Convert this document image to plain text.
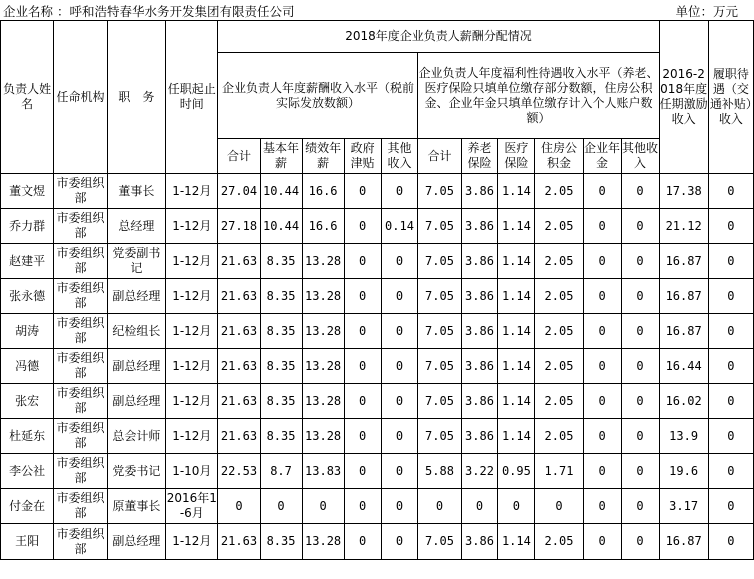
企业名称 ：呼和浩特春华水务开发集团有限责任公司	单位：万元
负责人姓名	任命机构	职　务	任职起止时间	2018年度企业负责人薪酬分配情况											2016-2018年度任期激励收入	履职待遇（交通补贴）收入
				企业负责人年度薪酬收入水平（税前实际发放数额）					企业负责人年度福利性待遇收入水平（养老、医疗保险只填单位缴存部分数额，住房公积金、企业年金只填单位缴存计入个人账户数额）							
				合计	基本年薪	绩效年薪	政府津贴	其他收入	合计	养老保险	医疗保险	住房公积金	企业年金	其他收入		
董文煜	市委组织部	董事长	1-12月	27.04	10.44	16.6	0	0	7.05	3.86	1.14	2.05	0	0	17.38	0
乔力群	市委组织部	总经理	1-12月	27.18	10.44	16.6	0	0.14	7.05	3.86	1.14	2.05	0	0	21.12	0
赵建平	市委组织部	党委副书记	1-12月	21.63	8.35	13.28	0	0	7.05	3.86	1.14	2.05	0	0	16.87	0
张永德	市委组织部	副总经理	1-12月	21.63	8.35	13.28	0	0	7.05	3.86	1.14	2.05	0	0	16.87	0
胡涛	市委组织部	纪检组长	1-12月	21.63	8.35	13.28	0	0	7.05	3.86	1.14	2.05	0	0	16.87	0
冯德	市委组织部	副总经理	1-12月	21.63	8.35	13.28	0	0	7.05	3.86	1.14	2.05	0	0	16.44	0
张宏	市委组织部	副总经理	1-12月	21.63	8.35	13.28	0	0	7.05	3.86	1.14	2.05	0	0	16.02	0
杜延东	市委组织部	总会计师	1-12月	21.63	8.35	13.28	0	0	7.05	3.86	1.14	2.05	0	0	13.9	0
李公社	市委组织部	党委书记	1-10月	22.53	8.7	13.83	0	0	5.88	3.22	0.95	1.71	0	0	19.6	0
付金在	市委组织部	原董事长	2016年1-6月	0	0	0	0	0	0	0	0	0	0	0	3.17	0
王阳	市委组织部	副总经理	1-12月	21.63	8.35	13.28	0	0	7.05	3.86	1.14	2.05	0	0	16.87	0
